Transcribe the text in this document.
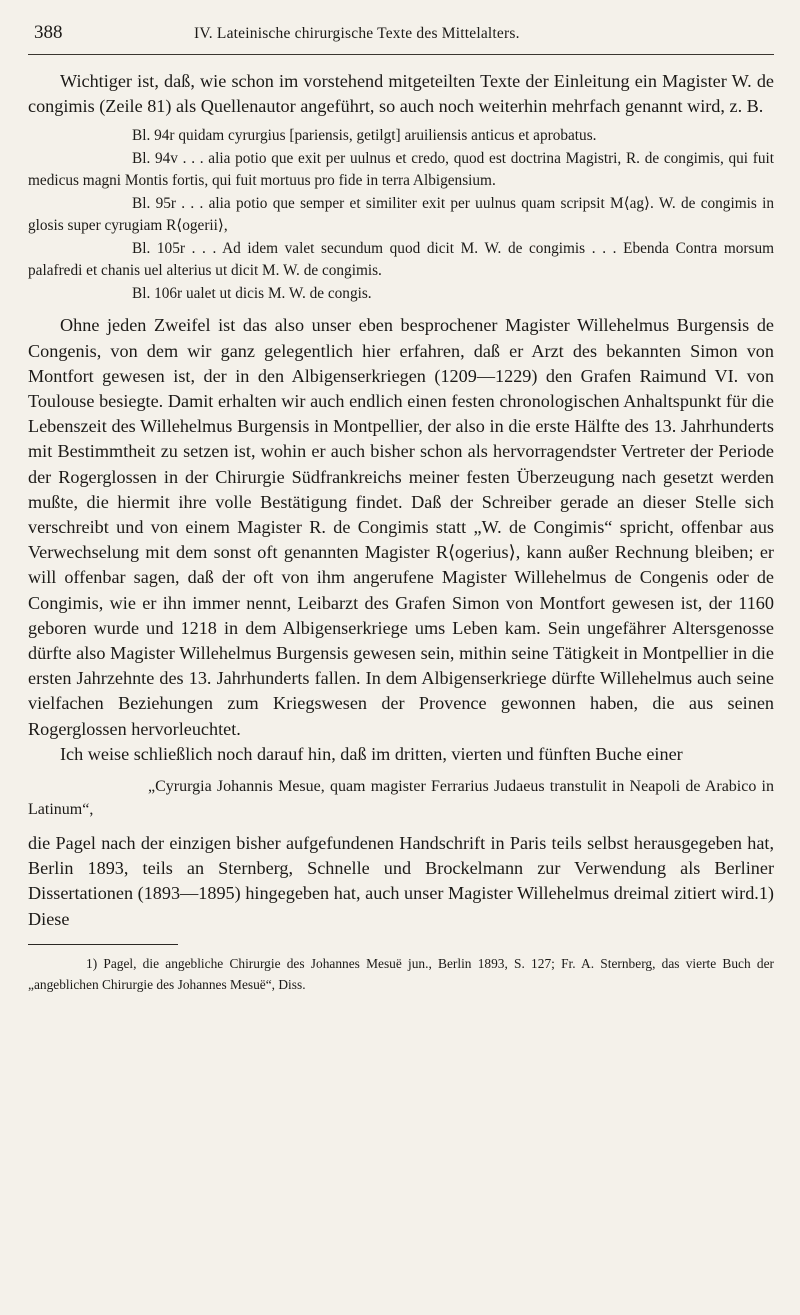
388	IV. Lateinische chirurgische Texte des Mittelalters.

Wichtiger ist, daß, wie schon im vorstehend mitgeteilten Texte der Einleitung ein Magister W. de congimis (Zeile 81) als Quellenautor angeführt, so auch noch weiterhin mehrfach genannt wird, z. B.

Bl. 94r quidam cyrurgius [pariensis, getilgt] aruiliensis anticus et aprobatus.

Bl. 94v . . . alia potio que exit per uulnus et credo, quod est doctrina Magistri, R. de congimis, qui fuit medicus magni Montis fortis, qui fuit mortuus pro fide in terra Albigensium.

Bl. 95r . . . alia potio que semper et similiter exit per uulnus quam scripsit M⟨ag⟩. W. de congimis in glosis super cyrugiam R⟨ogerii⟩,

Bl. 105r . . . Ad idem valet secundum quod dicit M. W. de congimis . . . Ebenda Contra morsum palafredi et chanis uel alterius ut dicit M. W. de congimis.

Bl. 106r ualet ut dicis M. W. de congis.

Ohne jeden Zweifel ist das also unser eben besprochener Magister Willehelmus Burgensis de Congenis, von dem wir ganz gelegentlich hier erfahren, daß er Arzt des bekannten Simon von Montfort gewesen ist, der in den Albigenserkriegen (1209—1229) den Grafen Raimund VI. von Toulouse besiegte. Damit erhalten wir auch endlich einen festen chronologischen Anhaltspunkt für die Lebenszeit des Willehelmus Burgensis in Montpellier, der also in die erste Hälfte des 13. Jahrhunderts mit Bestimmtheit zu setzen ist, wohin er auch bisher schon als hervorragendster Vertreter der Periode der Rogerglossen in der Chirurgie Südfrankreichs meiner festen Überzeugung nach gesetzt werden mußte, die hiermit ihre volle Bestätigung findet. Daß der Schreiber gerade an dieser Stelle sich verschreibt und von einem Magister R. de Congimis statt „W. de Congimis“ spricht, offenbar aus Verwechselung mit dem sonst oft genannten Magister R⟨ogerius⟩, kann außer Rechnung bleiben; er will offenbar sagen, daß der oft von ihm angerufene Magister Willehelmus de Congenis oder de Congimis, wie er ihn immer nennt, Leibarzt des Grafen Simon von Montfort gewesen ist, der 1160 geboren wurde und 1218 in dem Albigenserkriege ums Leben kam. Sein ungefährer Altersgenosse dürfte also Magister Willehelmus Burgensis gewesen sein, mithin seine Tätigkeit in Montpellier in die ersten Jahrzehnte des 13. Jahrhunderts fallen. In dem Albigenserkriege dürfte Willehelmus auch seine vielfachen Beziehungen zum Kriegswesen der Provence gewonnen haben, die aus seinen Rogerglossen hervorleuchtet.

Ich weise schließlich noch darauf hin, daß im dritten, vierten und fünften Buche einer

„Cyrurgia Johannis Mesue, quam magister Ferrarius Judaeus transtulit in Neapoli de Arabico in Latinum“,

die Pagel nach der einzigen bisher aufgefundenen Handschrift in Paris teils selbst herausgegeben hat, Berlin 1893, teils an Sternberg, Schnelle und Brockelmann zur Verwendung als Berliner Dissertationen (1893—1895) hingegeben hat, auch unser Magister Willehelmus dreimal zitiert wird.1) Diese

1) Pagel, die angebliche Chirurgie des Johannes Mesuë jun., Berlin 1893, S. 127; Fr. A. Sternberg, das vierte Buch der „angeblichen Chirurgie des Johannes Mesuë“, Diss.
